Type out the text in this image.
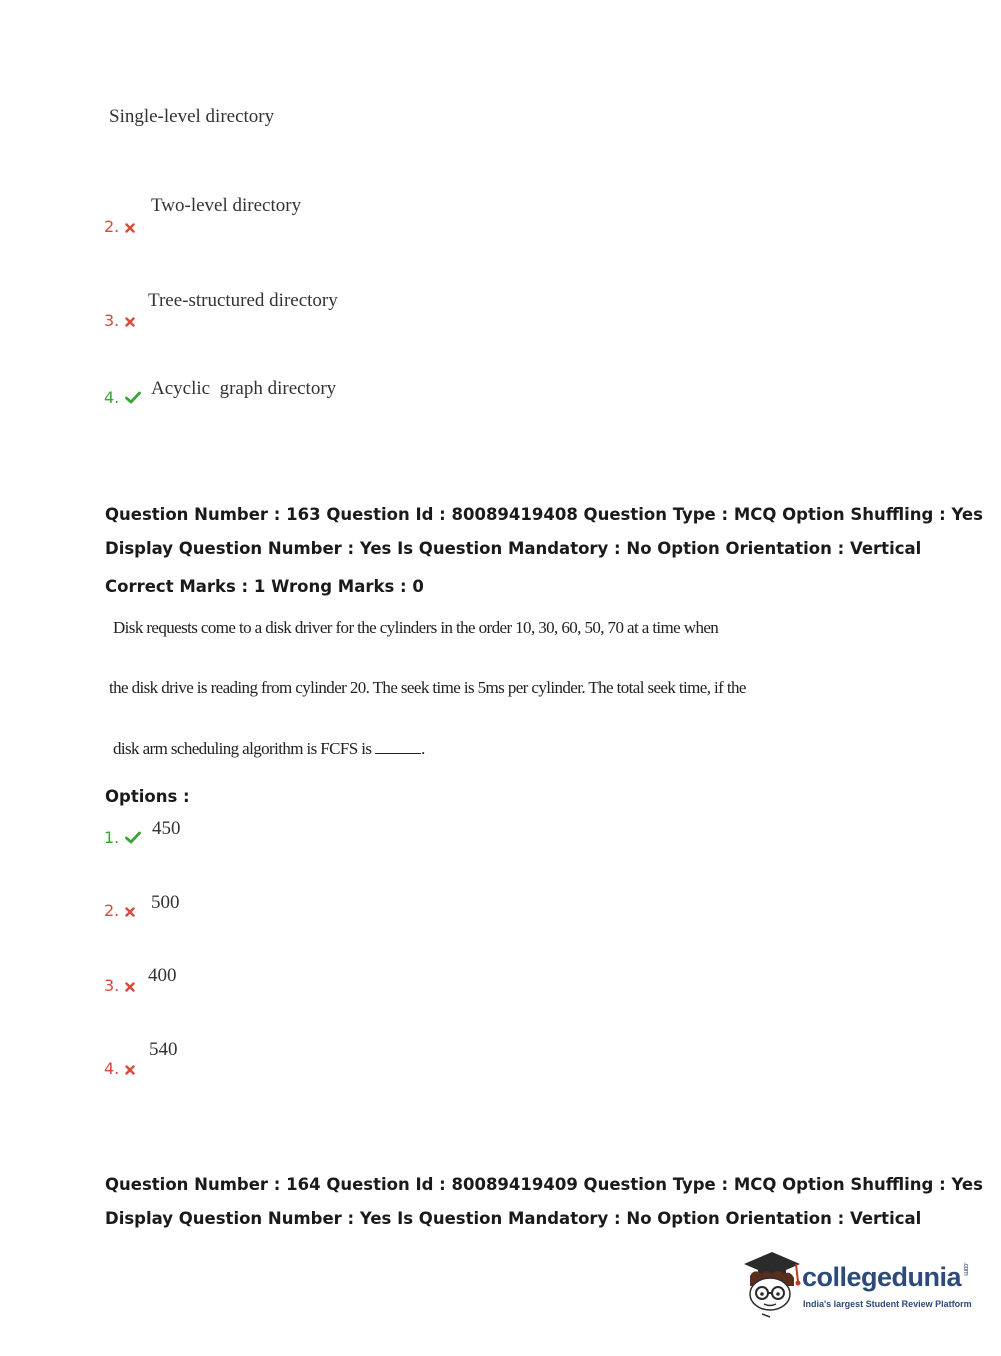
Single-level directory
2.
Two-level directory
3.
Tree-structured directory
4.	Acyclic  graph directory
Question Number : 163 Question Id : 80089419408 Question Type : MCQ Option Shuffling : Yes
Display Question Number : Yes Is Question Mandatory : No Option Orientation : Vertical
Correct Marks : 1 Wrong Marks : 0
Disk requests come to a disk driver for the cylinders in the order 10, 30, 60, 50, 70 at a time when
the disk drive is reading from cylinder 20. The seek time is 5ms per cylinder. The total seek time, if the
disk arm scheduling algorithm is FCFS is	.
Options :
1.	450
2.	500
3.	400
4.
540
Question Number : 164 Question Id : 80089419409 Question Type : MCQ Option Shuffling : Yes
Display Question Number : Yes Is Question Mandatory : No Option Orientation : Vertical
collegedunia.com
India's largest Student Review Platform
